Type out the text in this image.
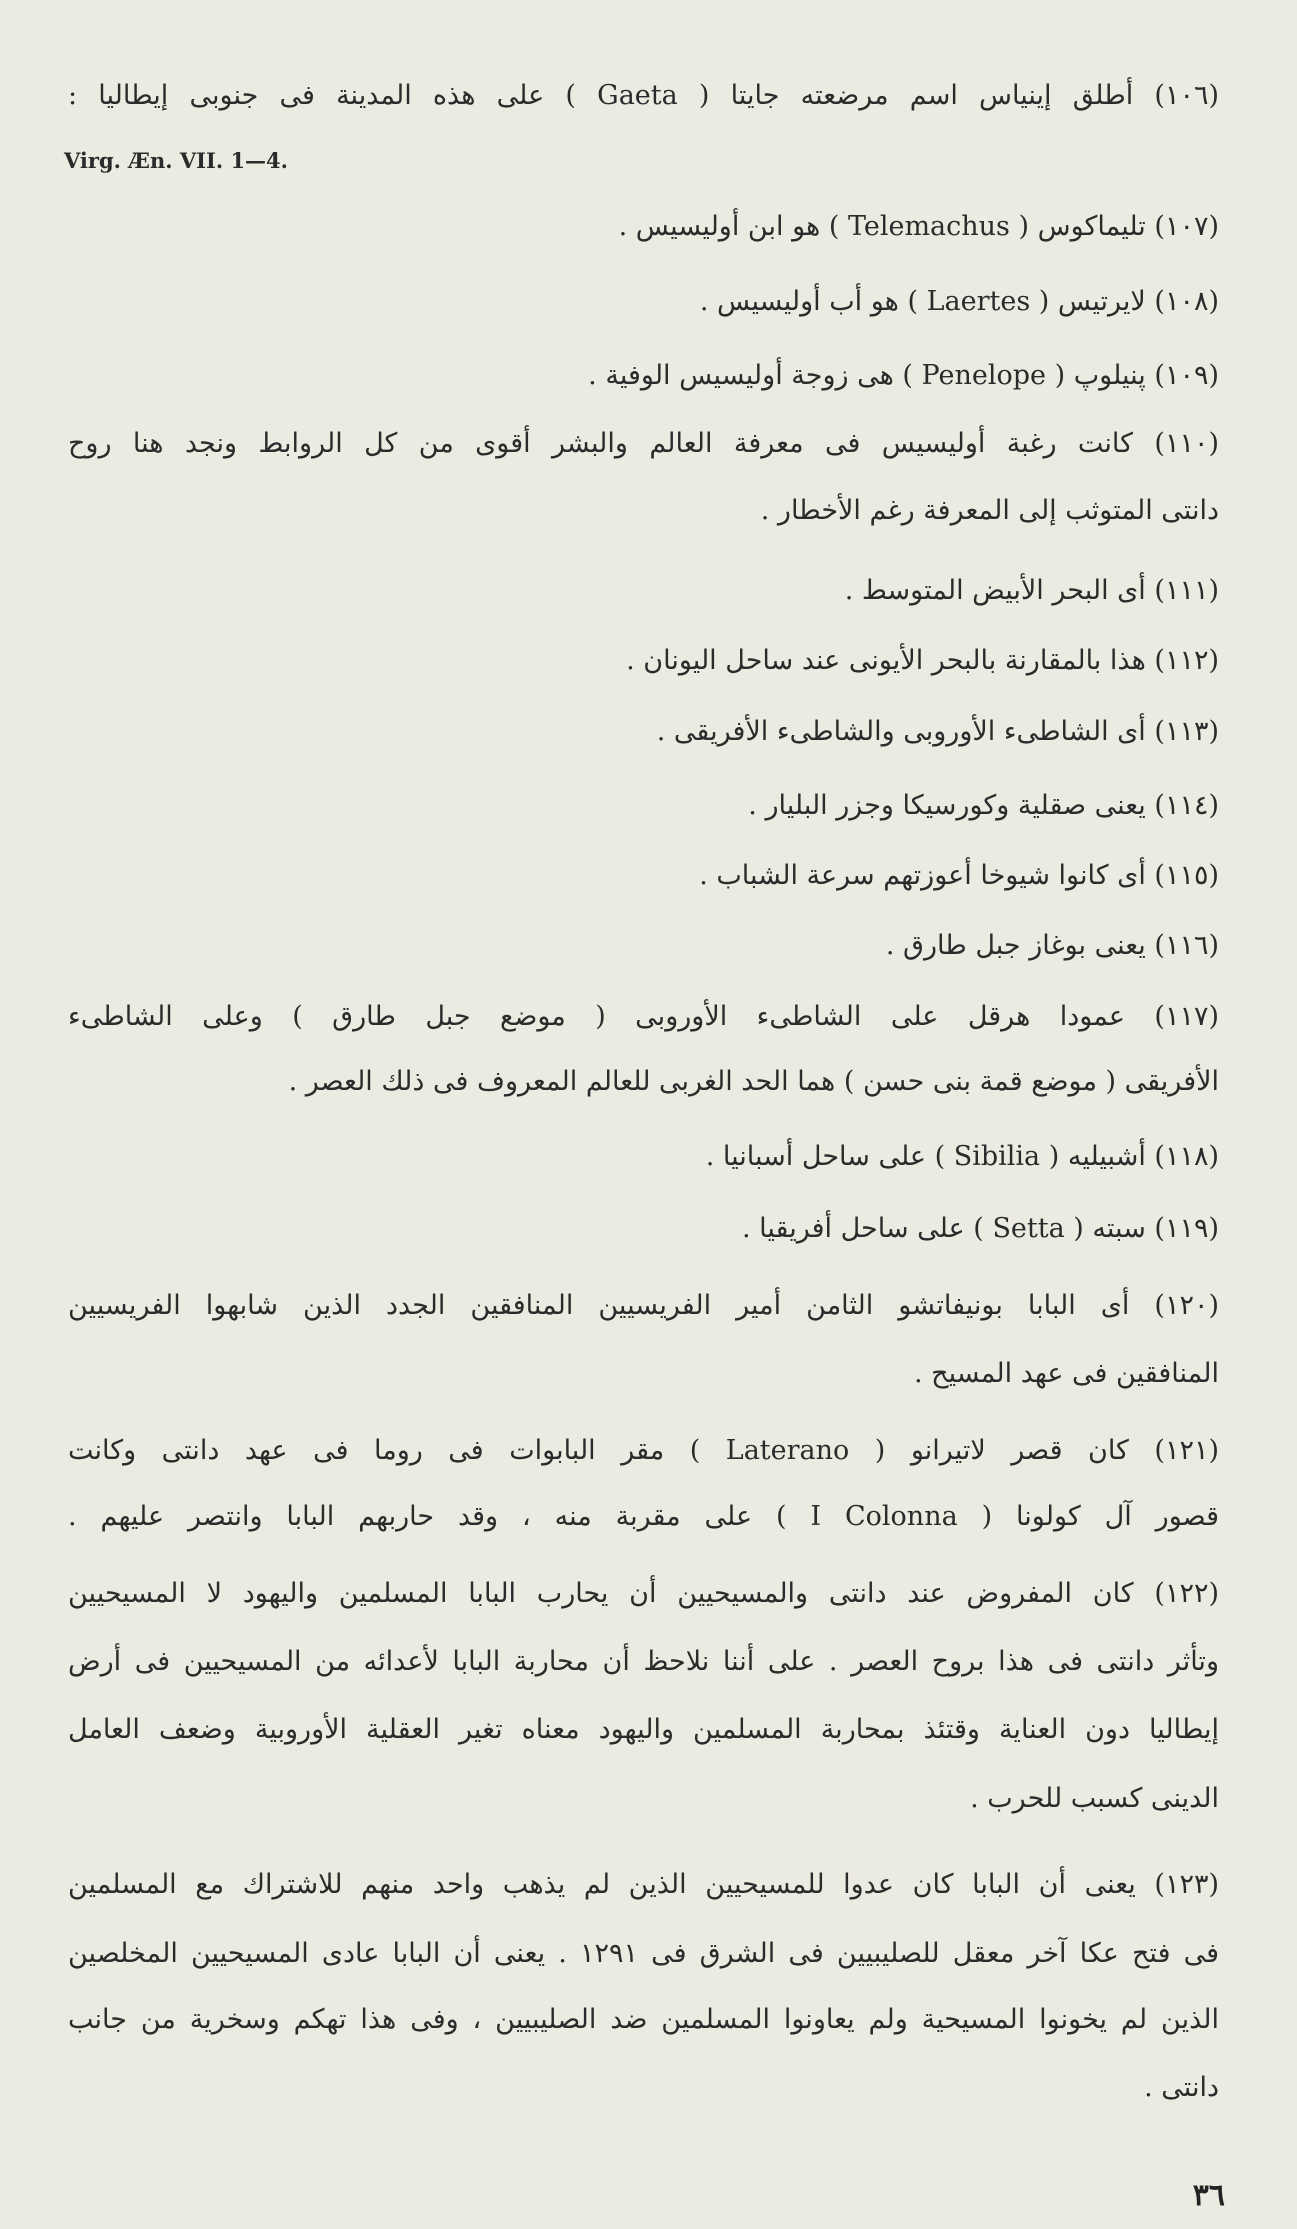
(١٠٦) أطلق إينياس اسم مرضعته جايتا ( Gaeta ) على هذه المدينة فى جنوبى إيطاليا :
Virg. Æn. VII. 1—4.
(١٠٧) تليماكوس ( Telemachus ) هو ابن أوليسيس .
(١٠٨) لايرتيس ( Laertes ) هو أب أوليسيس .
(١٠٩) پنيلوپ ( Penelope ) هى زوجة أوليسيس الوفية .
(١١٠) كانت رغبة أوليسيس فى معرفة العالم والبشر أقوى من كل الروابط ونجد هنا روح
دانتى المتوثب إلى المعرفة رغم الأخطار .
(١١١) أى البحر الأبيض المتوسط .
(١١٢) هذا بالمقارنة بالبحر الأيونى عند ساحل اليونان .
(١١٣) أى الشاطىء الأوروبى والشاطىء الأفريقى .
(١١٤) يعنى صقلية وكورسيكا وجزر البليار .
(١١٥) أى كانوا شيوخا أعوزتهم سرعة الشباب .
(١١٦) يعنى بوغاز جبل طارق .
(١١٧) عمودا هرقل على الشاطىء الأوروبى ( موضع جبل طارق ) وعلى الشاطىء
الأفريقى ( موضع قمة بنى حسن ) هما الحد الغربى للعالم المعروف فى ذلك العصر .
(١١٨) أشبيليه ( Sibilia ) على ساحل أسبانيا .
(١١٩) سبته ( Setta ) على ساحل أفريقيا .
(١٢٠) أى البابا بونيفاتشو الثامن أمير الفريسيين المنافقين الجدد الذين شابهوا الفريسيين
المنافقين فى عهد المسيح .
(١٢١) كان قصر لاتيرانو ( Laterano ) مقر البابوات فى روما فى عهد دانتى وكانت
قصور آل كولونا ( I Colonna ) على مقربة منه ، وقد حاربهم البابا وانتصر عليهم .
(١٢٢) كان المفروض عند دانتى والمسيحيين أن يحارب البابا المسلمين واليهود لا المسيحيين
وتأثر دانتى فى هذا بروح العصر . على أننا نلاحظ أن محاربة البابا لأعدائه من المسيحيين فى أرض
إيطاليا دون العناية وقتئذ بمحاربة المسلمين واليهود معناه تغير العقلية الأوروبية وضعف العامل
الدينى كسبب للحرب .
(١٢٣) يعنى أن البابا كان عدوا للمسيحيين الذين لم يذهب واحد منهم للاشتراك مع المسلمين
فى فتح عكا آخر معقل للصليبيين فى الشرق فى ١٢٩١ . يعنى أن البابا عادى المسيحيين المخلصين
الذين لم يخونوا المسيحية ولم يعاونوا المسلمين ضد الصليبيين ، وفى هذا تهكم وسخرية من جانب
دانتى .
٣٦
